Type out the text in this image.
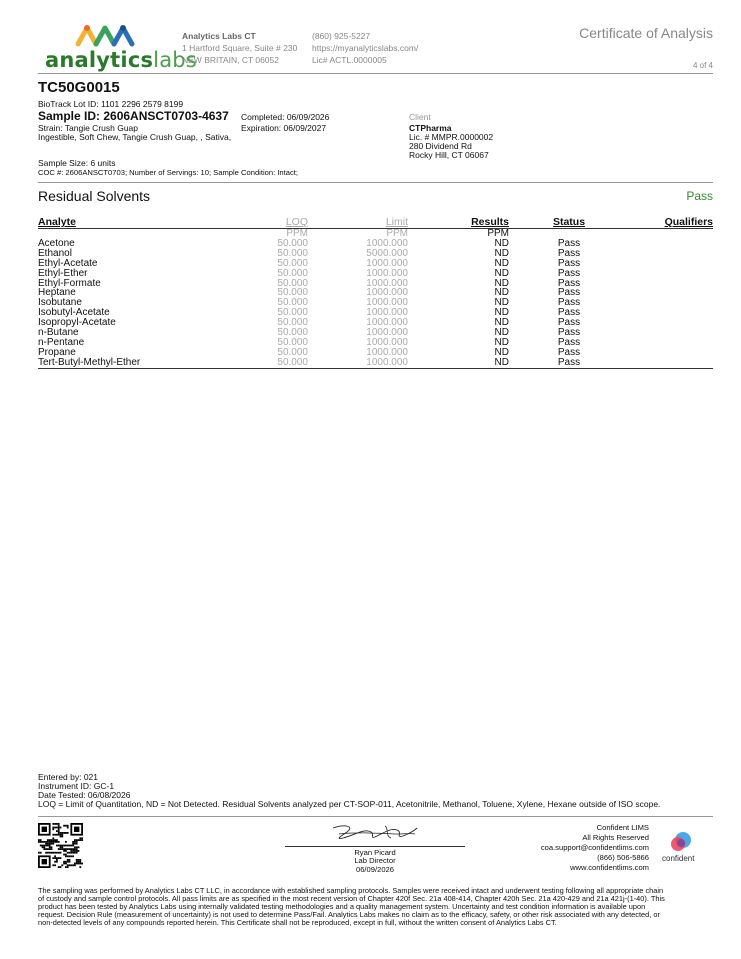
analyticslabs
Analytics Labs CT
1 Hartford Square, Suite # 230
NEW BRITAIN, CT 06052
(860) 925-5227
https://myanalyticslabs.com/
Lic# ACTL.0000005
Certificate of Analysis
4 of 4
TC50G0015
BioTrack Lot ID: 1101 2296 2579 8199
Sample ID: 2606ANSCT0703-4637
Strain: Tangie Crush Guap
Ingestible, Soft Chew, Tangie Crush Guap, , Sativa,
Completed: 06/09/2026
Expiration: 06/09/2027
Client
CTPharma
Lic. # MMPR.0000002
280 Dividend Rd
Rocky Hill, CT 06067
Sample Size: 6 units
COC #: 2606ANSCT0703; Number of Servings: 10; Sample Condition: Intact;
Residual Solvents	Pass
Analyte	LOQ	Limit	Results	Status	Qualifiers
	PPM	PPM	PPM		
Acetone	50.000	1000.000	ND	Pass	
Ethanol	50.000	5000.000	ND	Pass	
Ethyl-Acetate	50.000	1000.000	ND	Pass	
Ethyl-Ether	50.000	1000.000	ND	Pass	
Ethyl-Formate	50.000	1000.000	ND	Pass	
Heptane	50.000	1000.000	ND	Pass	
Isobutane	50.000	1000.000	ND	Pass	
Isobutyl-Acetate	50.000	1000.000	ND	Pass	
Isopropyl-Acetate	50.000	1000.000	ND	Pass	
n-Butane	50.000	1000.000	ND	Pass	
n-Pentane	50.000	1000.000	ND	Pass	
Propane	50.000	1000.000	ND	Pass	
Tert-Butyl-Methyl-Ether	50.000	1000.000	ND	Pass	
Entered by: 021
Instrument ID: GC-1
Date Tested: 06/08/2026
LOQ = Limit of Quantitation, ND = Not Detected. Residual Solvents analyzed per CT-SOP-011, Acetonitrile, Methanol, Toluene, Xylene, Hexane outside of ISO scope.
Ryan Picard
Lab Director
06/09/2026
Confident LIMS
All Rights Reserved
coa.support@confidentlims.com
(866) 506-5866
www.confidentlims.com
confident
The sampling was performed by Analytics Labs CT LLC, in accordance with established sampling protocols. Samples were received intact and underwent testing following all appropriate chain
of custody and sample control protocols. All pass limits are as specified in the most recent version of Chapter 420f Sec. 21a 408-414, Chapter 420h Sec. 21a 420-429 and 21a 421j-(1-40). This
product has been tested by Analytics Labs using internally validated testing methodologies and a quality management system. Uncertainty and test condition information is available upon
request. Decision Rule (measurement of uncertainty) is not used to determine Pass/Fail. Analytics Labs makes no claim as to the efficacy, safety, or other risk associated with any detected, or
non-detected levels of any compounds reported herein. This Certificate shall not be reproduced, except in full, without the written consent of Analytics Labs CT.
